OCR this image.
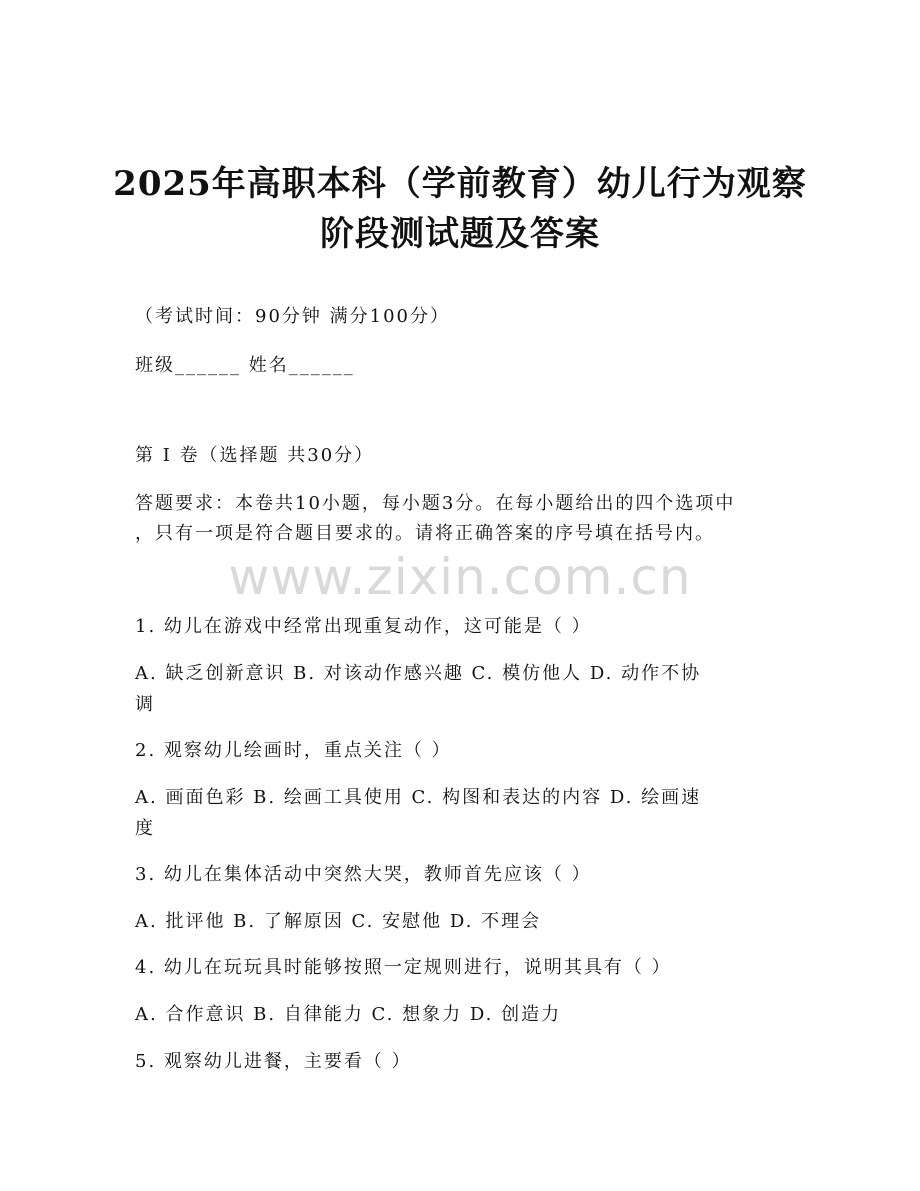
2025年高职本科（学前教育）幼儿行为观察
阶段测试题及答案
（考试时间：90分钟 满分100分）
班级______ 姓名______
第 I 卷（选择题 共30分）
答题要求：本卷共10小题，每小题3分。在每小题给出的四个选项中
，只有一项是符合题目要求的。请将正确答案的序号填在括号内。
www.zixin.com.cn
1. 幼儿在游戏中经常出现重复动作，这可能是（ ）
A. 缺乏创新意识 B. 对该动作感兴趣 C. 模仿他人 D. 动作不协
调
2. 观察幼儿绘画时，重点关注（ ）
A. 画面色彩 B. 绘画工具使用 C. 构图和表达的内容 D. 绘画速
度
3. 幼儿在集体活动中突然大哭，教师首先应该（ ）
A. 批评他 B. 了解原因 C. 安慰他 D. 不理会
4. 幼儿在玩玩具时能够按照一定规则进行，说明其具有（ ）
A. 合作意识 B. 自律能力 C. 想象力 D. 创造力
5. 观察幼儿进餐，主要看（ ）
